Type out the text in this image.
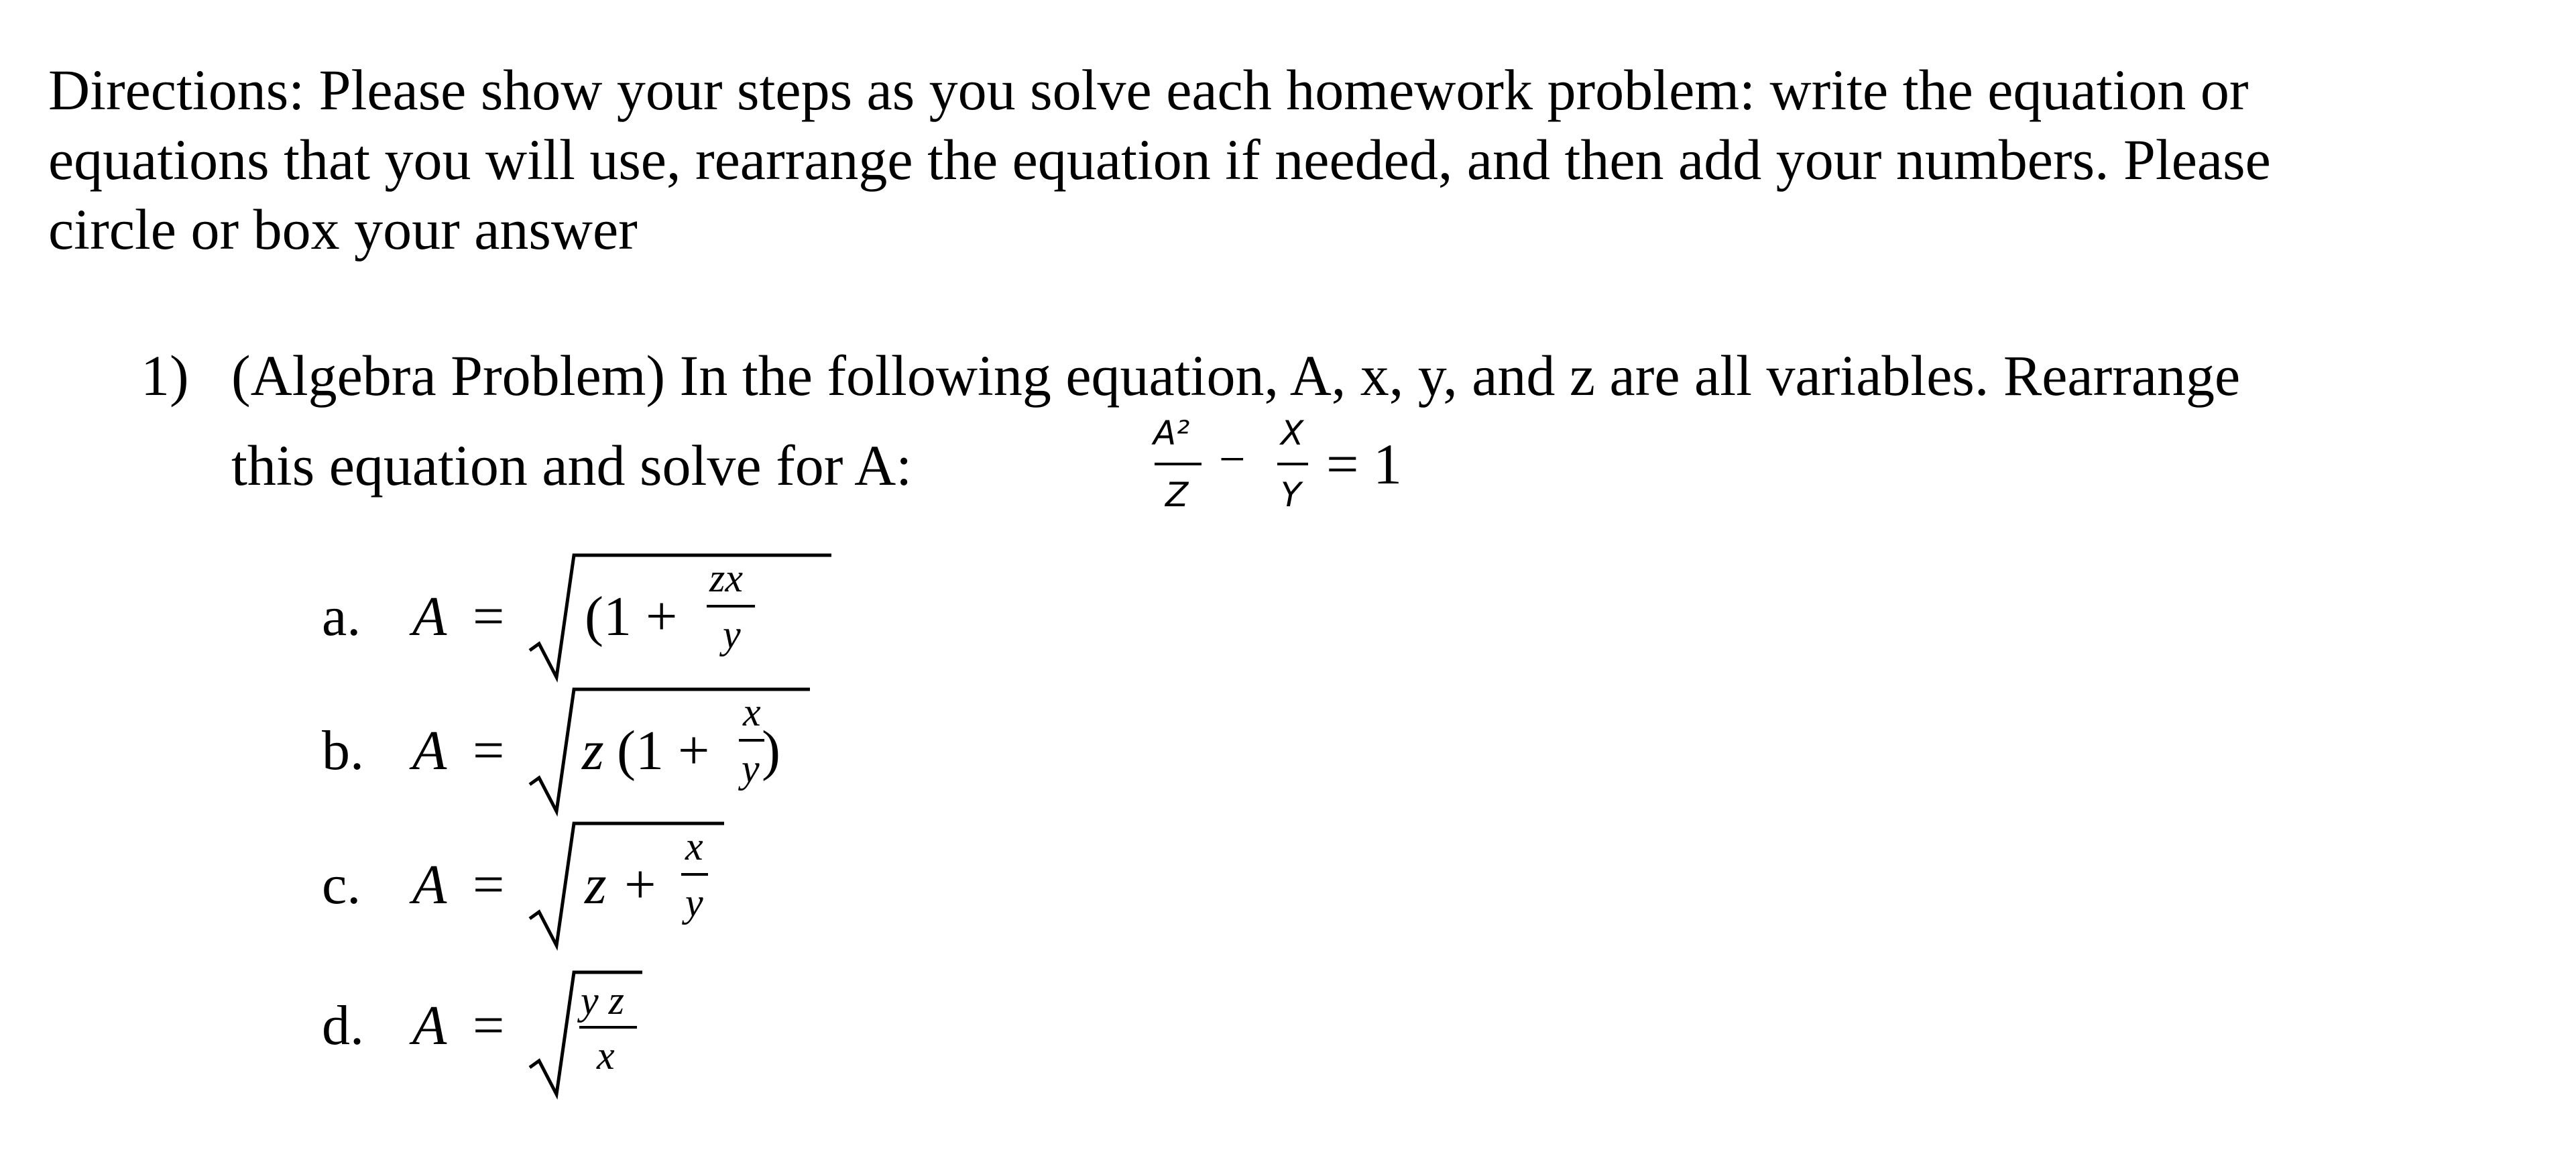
Directions: Please show your steps as you solve each homework problem: write the equation or
equations that you will use, rearrange the equation if needed, and then add your numbers. Please
circle or box your answer
1) (Algebra Problem) In the following equation, A, x, y, and z are all variables. Rearrange
this equation and solve for A:	A²
Z
−
X
Y = 1
a. A = (1 +
zx
y
b. A = z (1 +
x
y )
c. A = z +
x
y
d. A = y z
x
